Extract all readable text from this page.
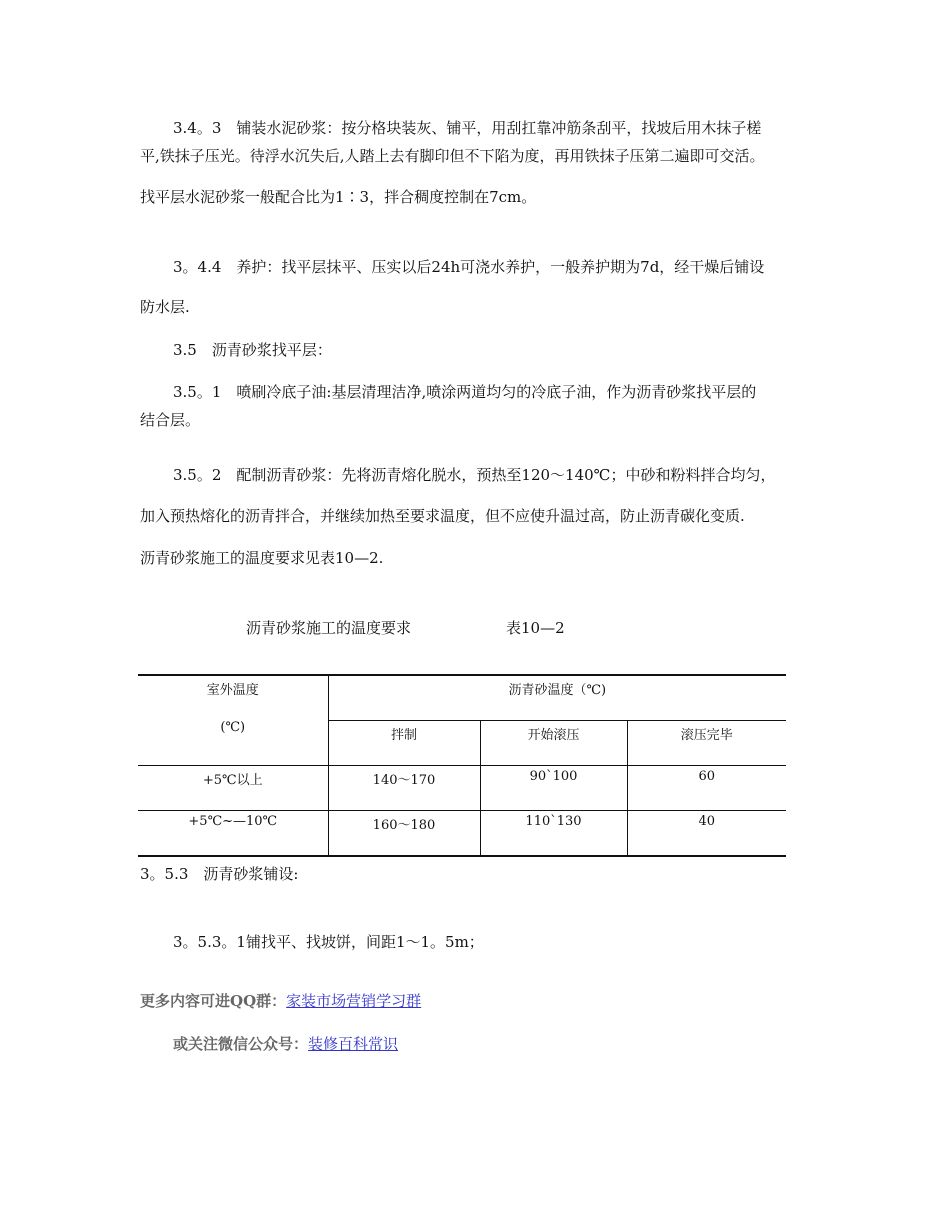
3.4。3　铺装水泥砂浆：按分格块装灰、铺平，用刮扛靠冲筋条刮平，找坡后用木抹子槎
平,铁抹子压光。待浮水沉失后,人踏上去有脚印但不下陷为度，再用铁抹子压第二遍即可交活。
找平层水泥砂浆一般配合比为1∶3，拌合稠度控制在7cm。
3。4.4　养护：找平层抹平、压实以后24h可浇水养护，一般养护期为7d，经干燥后铺设
防水层.
3.5　沥青砂浆找平层：
3.5。1　喷刷冷底子油:基层清理洁净,喷涂两道均匀的冷底子油，作为沥青砂浆找平层的
结合层。
3.5。2　配制沥青砂浆：先将沥青熔化脱水，预热至120～140℃；中砂和粉料拌合均匀，
加入预热熔化的沥青拌合，并继续加热至要求温度，但不应使升温过高，防止沥青碳化变质.
沥青砂浆施工的温度要求见表10—2.
沥青砂浆施工的温度要求	表10—2
室外温度
(℃)	沥青砂温度（℃)		
	拌制	开始滚压	滚压完毕
+5℃以上	140～170	90`100	60
+5℃~—10℃	160～180	110`130	40
3。5.3　沥青砂浆铺设:
3。5.3。1铺找平、找坡饼，间距1～1。5m；
更多内容可进QQ群：家装市场营销学习群
或关注微信公众号：装修百科常识
